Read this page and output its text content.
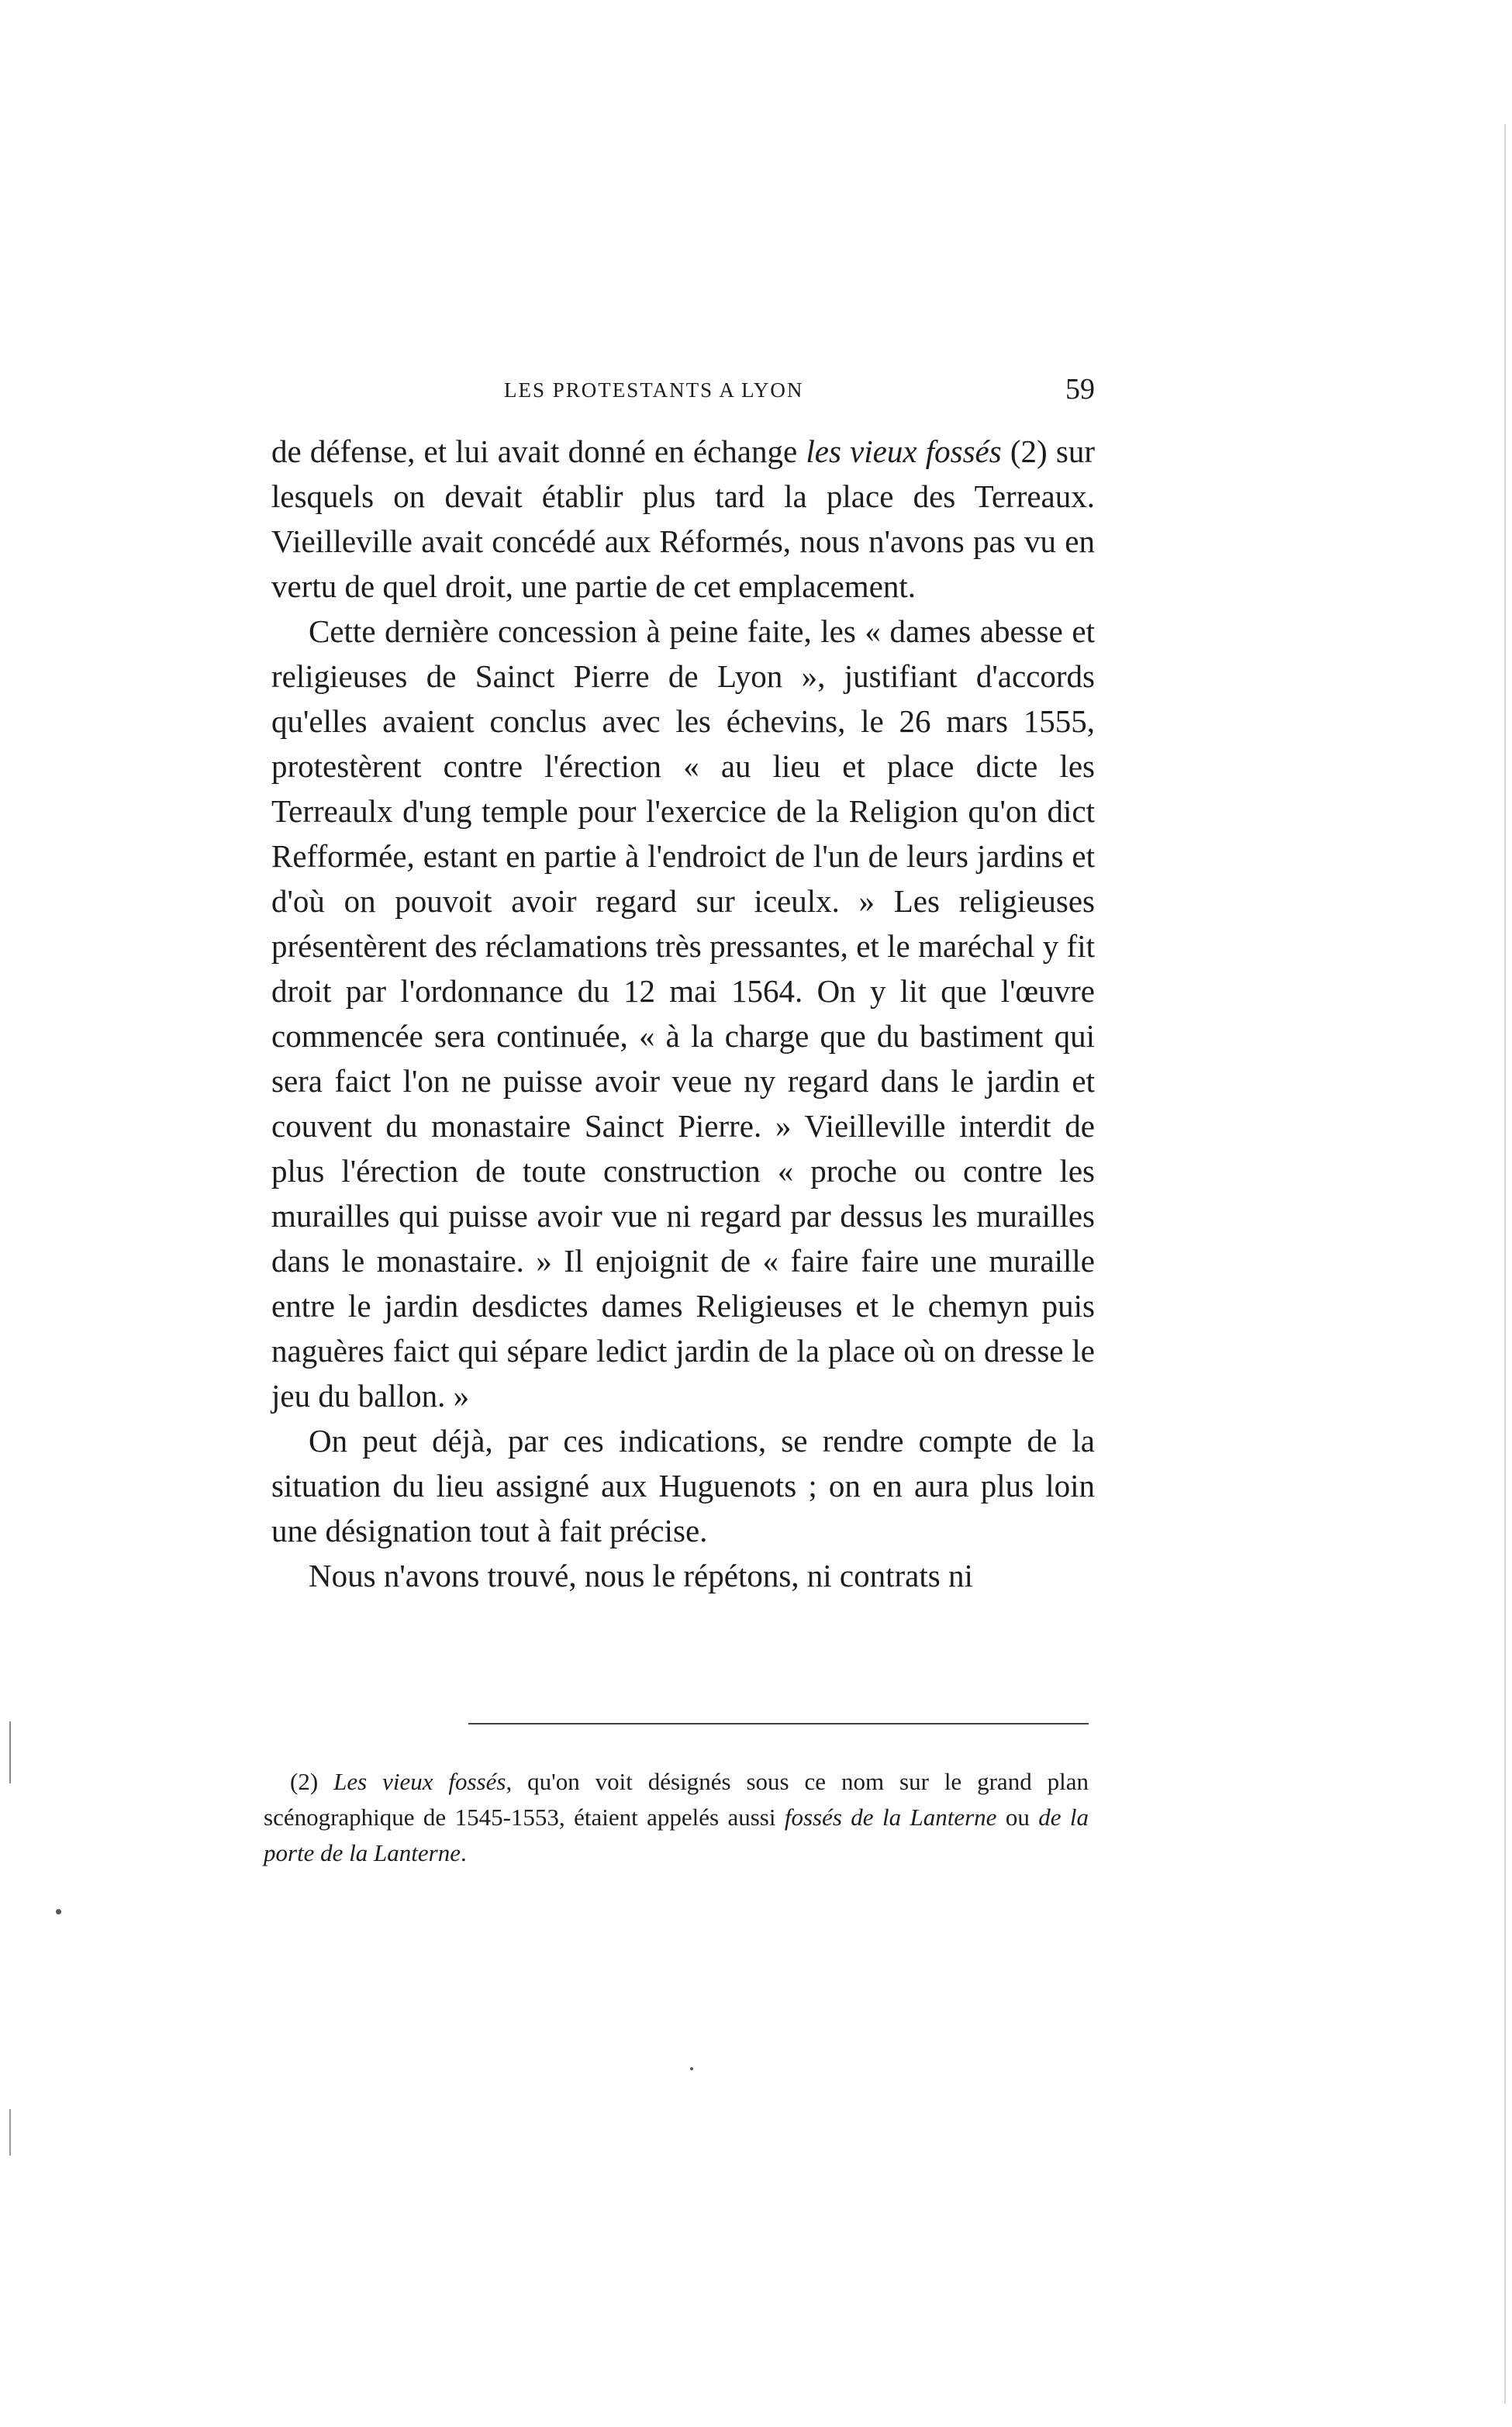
LES PROTESTANTS A LYON	59

de défense, et lui avait donné en échange les vieux fossés (2) sur lesquels on devait établir plus tard la place des Terreaux. Vieilleville avait concédé aux Réformés, nous n'avons pas vu en vertu de quel droit, une partie de cet emplacement.

Cette dernière concession à peine faite, les « dames abesse et religieuses de Sainct Pierre de Lyon », justifiant d'accords qu'elles avaient conclus avec les échevins, le 26 mars 1555, protestèrent contre l'érection « au lieu et place dicte les Terreaulx d'ung temple pour l'exercice de la Religion qu'on dict Refformée, estant en partie à l'endroict de l'un de leurs jardins et d'où on pouvoit avoir regard sur iceulx. » Les religieuses présentèrent des réclamations très pressantes, et le maréchal y fit droit par l'ordonnance du 12 mai 1564. On y lit que l'œuvre commencée sera continuée, « à la charge que du bastiment qui sera faict l'on ne puisse avoir veue ny regard dans le jardin et couvent du monastaire Sainct Pierre. » Vieilleville interdit de plus l'érection de toute construction « proche ou contre les murailles qui puisse avoir vue ni regard par dessus les murailles dans le monastaire. » Il enjoignit de « faire faire une muraille entre le jardin desdictes dames Religieuses et le chemyn puis naguères faict qui sépare ledict jardin de la place où on dresse le jeu du ballon. »

On peut déjà, par ces indications, se rendre compte de la situation du lieu assigné aux Huguenots ; on en aura plus loin une désignation tout à fait précise.

Nous n'avons trouvé, nous le répétons, ni contrats ni

(2) Les vieux fossés, qu'on voit désignés sous ce nom sur le grand plan scénographique de 1545-1553, étaient appelés aussi fossés de la Lanterne ou de la porte de la Lanterne.
